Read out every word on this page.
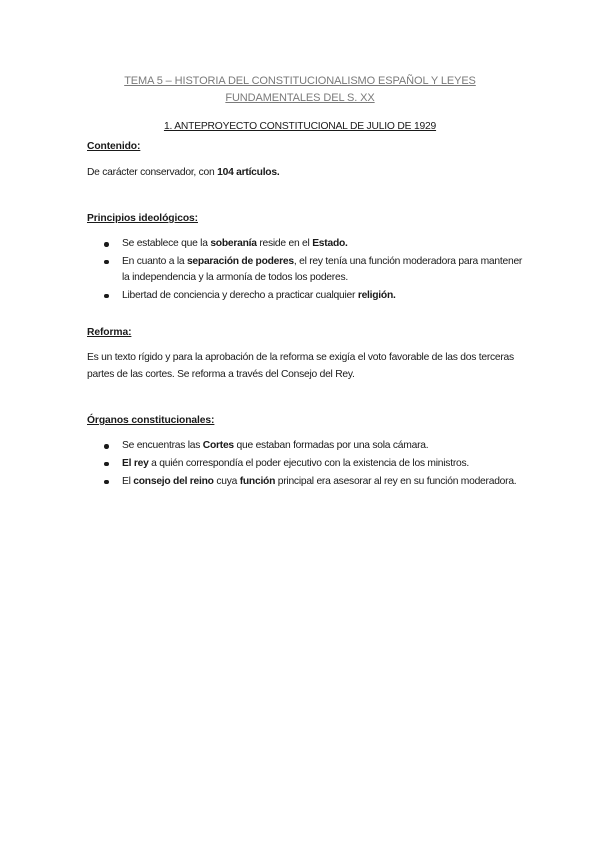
TEMA 5 – HISTORIA DEL CONSTITUCIONALISMO ESPAÑOL Y LEYES
FUNDAMENTALES DEL S. XX
1. ANTEPROYECTO CONSTITUCIONAL DE JULIO DE 1929
Contenido:
De carácter conservador, con 104 artículos.
Principios ideológicos:
Se establece que la soberanía reside en el Estado.
En cuanto a la separación de poderes, el rey tenía una función moderadora para mantener la independencia y la armonía de todos los poderes.
Libertad de conciencia y derecho a practicar cualquier religión.
Reforma:
Es un texto rígido y para la aprobación de la reforma se exigía el voto favorable de las dos terceras partes de las cortes. Se reforma a través del Consejo del Rey.
Órganos constitucionales:
Se encuentras las Cortes que estaban formadas por una sola cámara.
El rey a quién correspondía el poder ejecutivo con la existencia de los ministros.
El consejo del reino cuya función principal era asesorar al rey en su función moderadora.
